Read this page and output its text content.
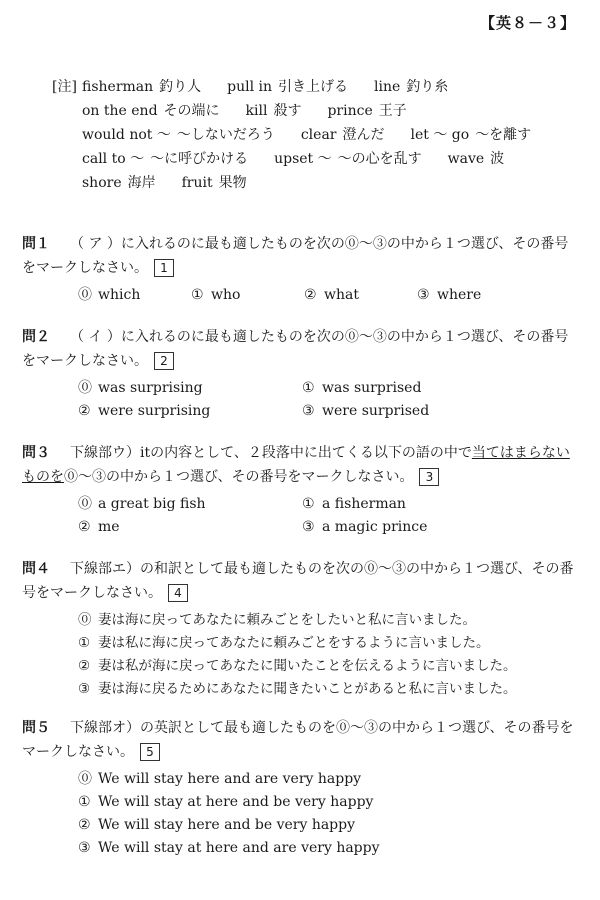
【英８－３】
[注] fisherman 釣り人 pull in 引き上げる line 釣り糸
on the end その端に kill 殺す prince 王子
would not ～ ～しないだろう clear 澄んだ let ～ go ～を離す
call to ～ ～に呼びかける upset ～ ～の心を乱す wave 波
shore 海岸 fruit 果物
問１ （ ア ）に入れるのに最も適したものを次の⓪～③の中から１つ選び、その番号
をマークしなさい。 1
⓪ which	① who	② what	③ where
問２ （ イ ）に入れるのに最も適したものを次の⓪～③の中から１つ選び、その番号
をマークしなさい。 2
⓪ was surprising	① was surprised
② were surprising	③ were surprised
問３ 下線部ウ）itの内容として、２段落中に出てくる以下の語の中で当てはまらない
ものを⓪～③の中から１つ選び、その番号をマークしなさい。 3
⓪ a great big fish	① a fisherman
② me	③ a magic prince
問４ 下線部エ）の和訳として最も適したものを次の⓪～③の中から１つ選び、その番
号をマークしなさい。 4
⓪ 妻は海に戻ってあなたに頼みごとをしたいと私に言いました。
① 妻は私に海に戻ってあなたに頼みごとをするように言いました。
② 妻は私が海に戻ってあなたに聞いたことを伝えるように言いました。
③ 妻は海に戻るためにあなたに聞きたいことがあると私に言いました。
問５ 下線部オ）の英訳として最も適したものを⓪～③の中から１つ選び、その番号を
マークしなさい。 5
⓪ We will stay here and are very happy
① We will stay at here and be very happy
② We will stay here and be very happy
③ We will stay at here and are very happy
